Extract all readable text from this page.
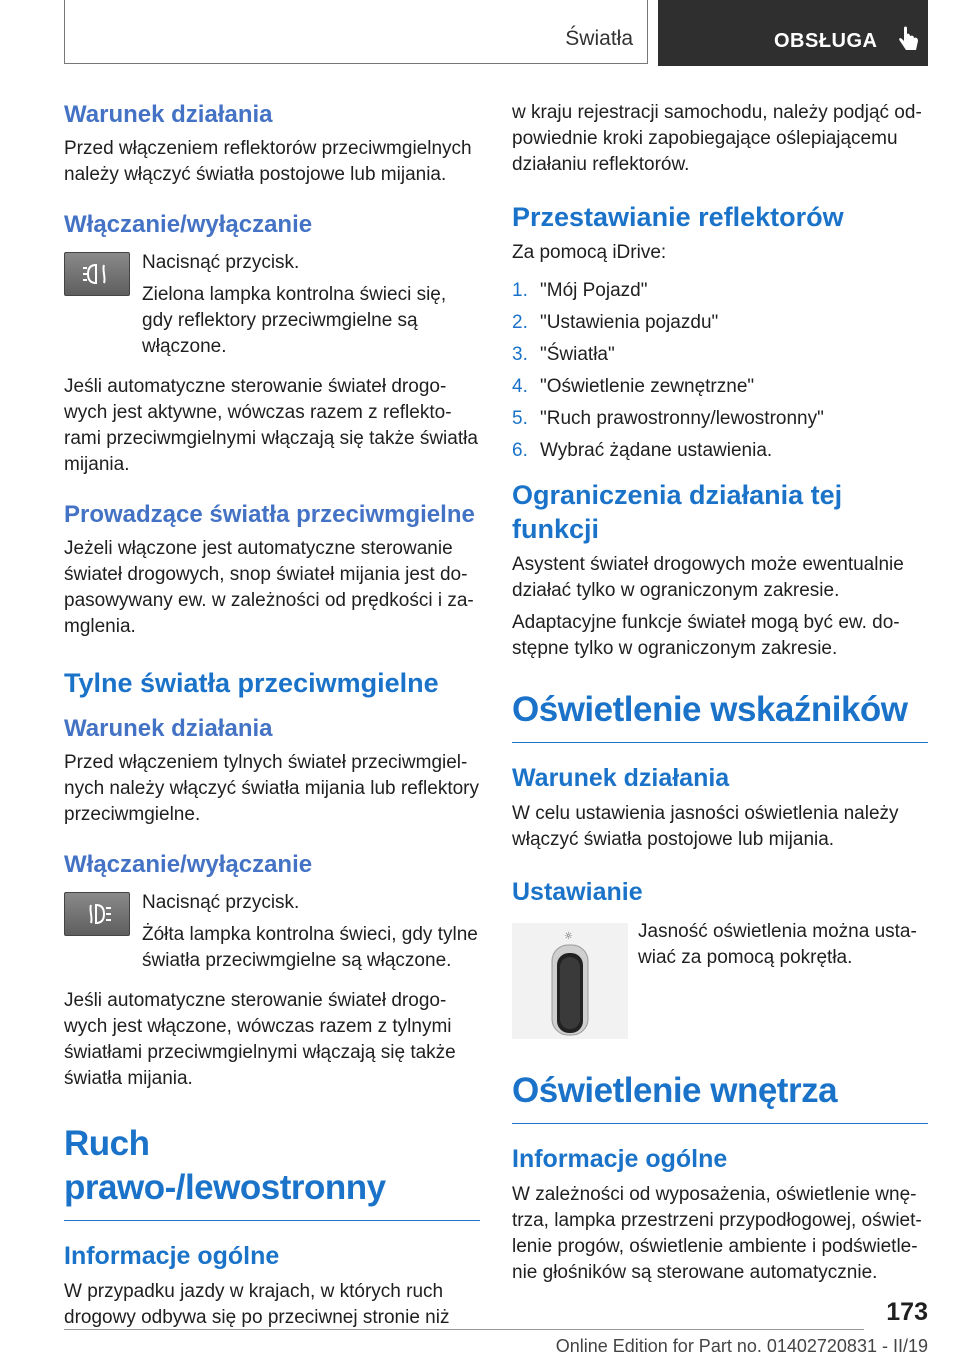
Światła	OBSŁUGA
Warunek działania

Przed włączeniem reflektorów przeciwmgielnych należy włączyć światła postojowe lub mijania.

Włączanie/wyłączanie

Nacisnąć przycisk.

Zielona lampka kontrolna świeci się, gdy reflektory przeciwmgielne są włączone.

Jeśli automatyczne sterowanie świateł drogowych jest aktywne, wówczas razem z reflektorami przeciwmgielnymi włączają się także światła mijania.

Prowadzące światła przeciwmgielne

Jeżeli włączone jest automatyczne sterowanie świateł drogowych, snop świateł mijania jest dopasowywany ew. w zależności od prędkości i zamglenia.

Tylne światła przeciwmgielne
Warunek działania

Przed włączeniem tylnych świateł przeciwmgielnych należy włączyć światła mijania lub reflektory przeciwmgielne.

Włączanie/wyłączanie

Nacisnąć przycisk.

Żółta lampka kontrolna świeci, gdy tylne światła przeciwmgielne są włączone.

Jeśli automatyczne sterowanie świateł drogowych jest włączone, wówczas razem z tylnymi światłami przeciwmgielnymi włączają się także światła mijania.

Ruch prawo-/lewostronny
Informacje ogólne

W przypadku jazdy w krajach, w których ruch drogowy odbywa się po przeciwnej stronie niż

w kraju rejestracji samochodu, należy podjąć odpowiednie kroki zapobiegające oślepiającemu działaniu reflektorów.

Przestawianie reflektorów

Za pomocą iDrive:

1. "Mój Pojazd"
2. "Ustawienia pojazdu"
3. "Światła"
4. "Oświetlenie zewnętrzne"
5. "Ruch prawostronny/lewostronny"
6. Wybrać żądane ustawienia.
Ograniczenia działania tej funkcji

Asystent świateł drogowych może ewentualnie działać tylko w ograniczonym zakresie.

Adaptacyjne funkcje świateł mogą być ew. dostępne tylko w ograniczonym zakresie.

Oświetlenie wskaźników
Warunek działania

W celu ustawienia jasności oświetlenia należy włączyć światła postojowe lub mijania.

Ustawianie
☼	Jasność oświetlenia można ustawiać za pomocą pokrętła.

Oświetlenie wnętrza
Informacje ogólne

W zależności od wyposażenia, oświetlenie wnętrza, lampka przestrzeni przypodłogowej, oświetlenie progów, oświetlenie ambiente i podświetlenie głośników są sterowane automatycznie.

173
Online Edition for Part no. 01402720831 - II/19
